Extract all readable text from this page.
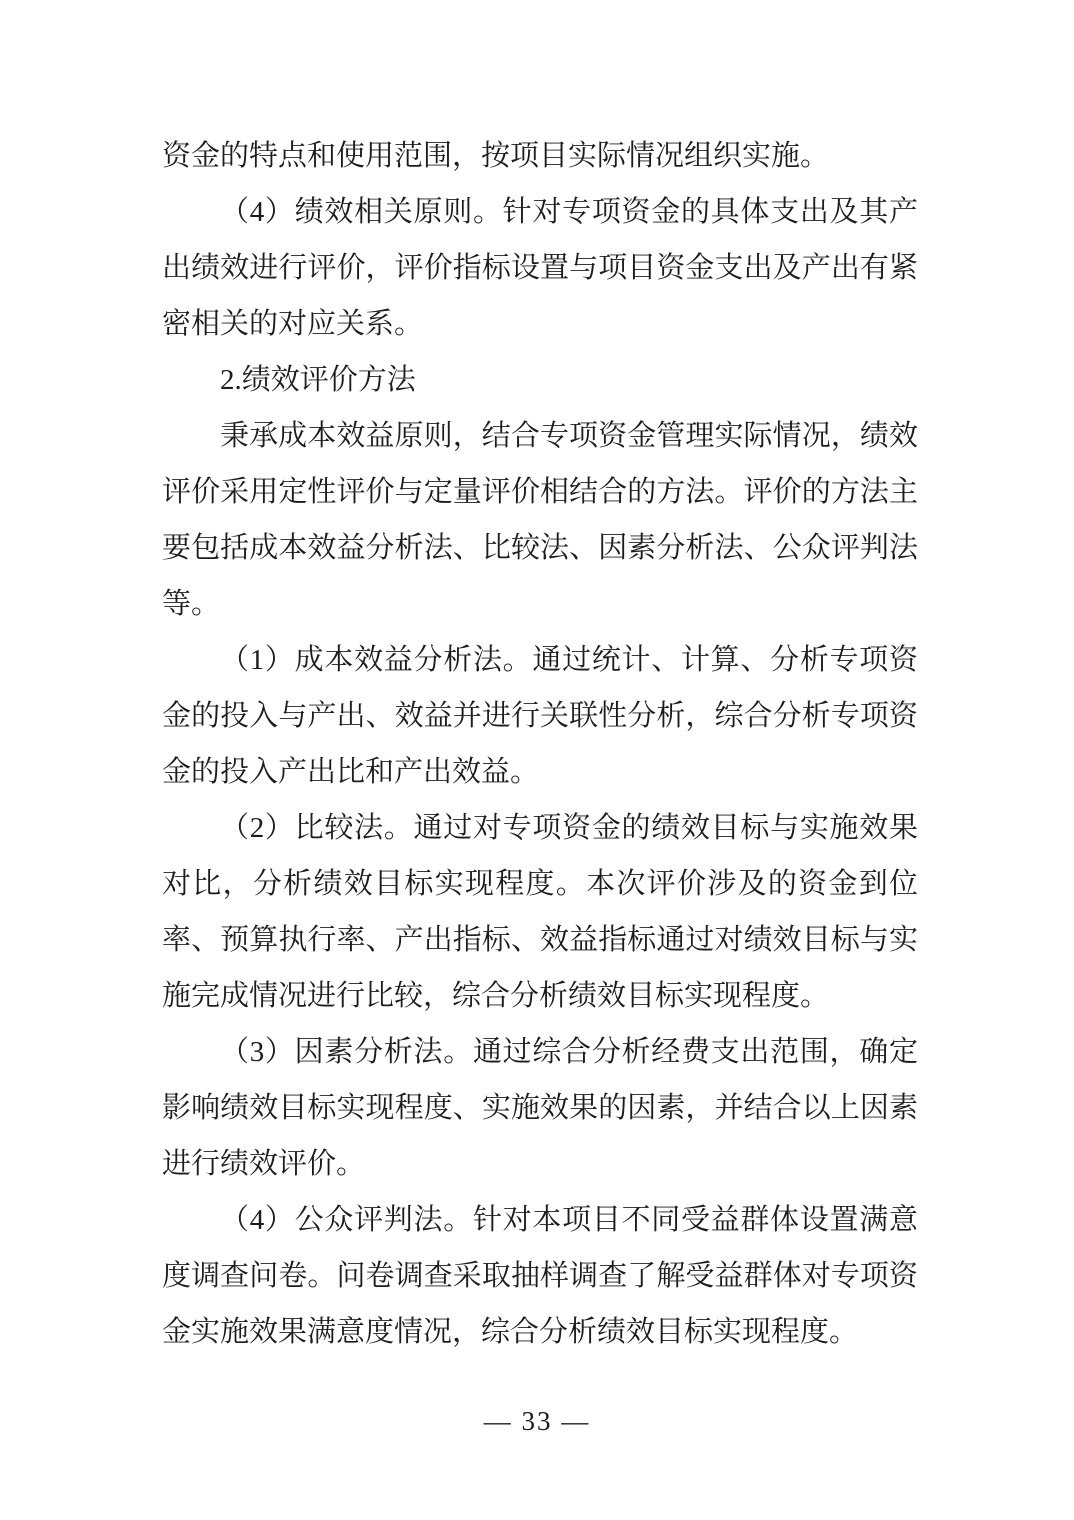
资金的特点和使用范围，按项目实际情况组织实施。

（4）绩效相关原则。针对专项资金的具体支出及其产出绩效进行评价，评价指标设置与项目资金支出及产出有紧密相关的对应关系。

2.绩效评价方法

秉承成本效益原则，结合专项资金管理实际情况，绩效评价采用定性评价与定量评价相结合的方法。评价的方法主要包括成本效益分析法、比较法、因素分析法、公众评判法等。

（1）成本效益分析法。通过统计、计算、分析专项资金的投入与产出、效益并进行关联性分析，综合分析专项资金的投入产出比和产出效益。

（2）比较法。通过对专项资金的绩效目标与实施效果对比，分析绩效目标实现程度。本次评价涉及的资金到位率、预算执行率、产出指标、效益指标通过对绩效目标与实施完成情况进行比较，综合分析绩效目标实现程度。

（3）因素分析法。通过综合分析经费支出范围，确定影响绩效目标实现程度、实施效果的因素，并结合以上因素进行绩效评价。

（4）公众评判法。针对本项目不同受益群体设置满意度调查问卷。问卷调查采取抽样调查了解受益群体对专项资金实施效果满意度情况，综合分析绩效目标实现程度。

— 33 —
